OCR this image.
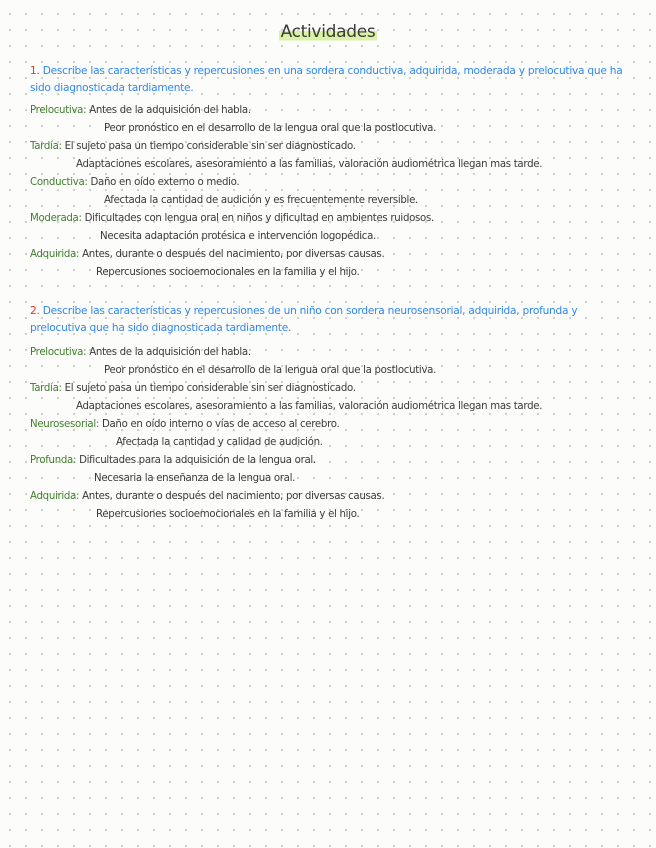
Actividades
1. Describe las características y repercusiones en una sordera conductiva, adquirida, moderada y prelocutiva que ha sido diagnosticada tardiamente.
Prelocutiva: Antes de la adquisición del habla.
Peor pronóstico en el desarrollo de la lengua oral que la postlocutiva.
Tardía: El sujeto pasa un tiempo considerable sin ser diagnosticado.
Adaptaciones escolares, asesoramiento a las familias, valoración audiométrica llegan mas tarde.
Conductiva: Daño en oído externo o medio.
Afectada la cantidad de audición y es frecuentemente reversible.
Moderada: Dificultades con lengua oral en niños y dificultad en ambientes ruidosos.
Necesita adaptación protésica e intervención logopédica.
Adquirida: Antes, durante o después del nacimiento, por diversas causas.
Repercusiones socioemocionales en la familia y el hijo.
2. Describe las características y repercusiones de un niño con sordera neurosensorial, adquirida, profunda y prelocutiva que ha sido diagnosticada tardiamente.
Prelocutiva: Antes de la adquisición del habla.
Peor pronóstico en el desarrollo de la lengua oral que la postlocutiva.
Tardía: El sujeto pasa un tiempo considerable sin ser diagnosticado.
Adaptaciones escolares, asesoramiento a las familias, valoración audiométrica llegan mas tarde.
Neurosesorial: Daño en oído interno o vías de acceso al cerebro.
Afectada la cantidad y calidad de audición.
Profunda: Dificultades para la adquisición de la lengua oral.
Necesaria la enseñanza de la lengua oral.
Adquirida: Antes, durante o después del nacimiento, por diversas causas.
Repercusiones socioemocionales en la familia y el hijo.
